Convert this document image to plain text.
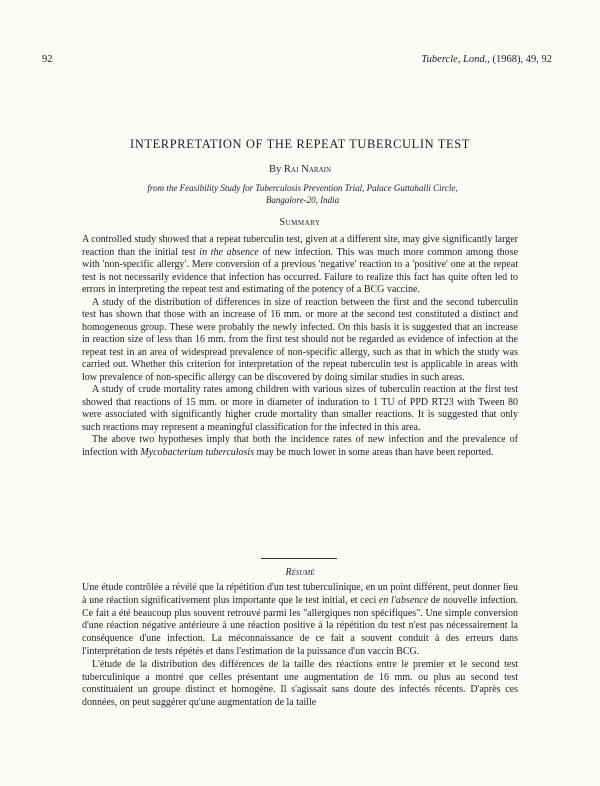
92	Tubercle, Lond., (1968), 49, 92
INTERPRETATION OF THE REPEAT TUBERCULIN TEST
By Raj Narain
from the Feasibility Study for Tuberculosis Prevention Trial, Palace Guttahalli Circle,
Bangalore-20, India
Summary

A controlled study showed that a repeat tuberculin test, given at a different site, may give significantly larger reaction than the initial test in the absence of new infection. This was much more common among those with 'non-specific allergy'. Mere conversion of a previous 'negative' reaction to a 'positive' one at the repeat test is not necessarily evidence that infection has occurred. Failure to realize this fact has quite often led to errors in interpreting the repeat test and estimating of the potency of a BCG vaccine.

A study of the distribution of differences in size of reaction between the first and the second tuberculin test has shown that those with an increase of 16 mm. or more at the second test constituted a distinct and homogeneous group. These were probably the newly infected. On this basis it is suggested that an increase in reaction size of less than 16 mm. from the first test should not be regarded as evidence of infection at the repeat test in an area of widespread prevalence of non-specific allergy, such as that in which the study was carried out. Whether this criterion for interpretation of the repeat tuberculin test is applicable in areas with low prevalence of non-specific allergy can be discovered by doing similar studies in such areas.

A study of crude mortality rates among children with various sizes of tuberculin reaction at the first test showed that reactions of 15 mm. or more in diameter of induration to 1 TU of PPD RT23 with Tween 80 were associated with significantly higher crude mortality than smaller reactions. It is suggested that only such reactions may represent a meaningful classification for the infected in this area.

The above two hypotheses imply that both the incidence rates of new infection and the prevalence of infection with Mycobacterium tuberculosis may be much lower in some areas than have been reported.

Résumé

Une étude contrôlée a révélé que la répétition d'un test tuberculinique, en un point différent, peut donner lieu à une réaction significativement plus importante que le test initial, et ceci en l'absence de nouvelle infection. Ce fait a été beaucoup plus souvent retrouvé parmi les "allergiques non spécifiques". Une simple conversion d'une réaction négative antérieure à une réaction positive à la répétition du test n'est pas nécessairement la conséquence d'une infection. La méconnaissance de ce fait a souvent conduit à des erreurs dans l'interprétation de tests répétés et dans l'estimation de la puissance d'un vaccin BCG.

L'étude de la distribution des différences de la taille des réactions entre le premier et le second test tuberculinique a montré que celles présentant une augmentation de 16 mm. ou plus au second test constituaient un groupe distinct et homogène. Il s'agissait sans doute des infectés récents. D'après ces données, on peut suggérer qu'une augmentation de la taille
